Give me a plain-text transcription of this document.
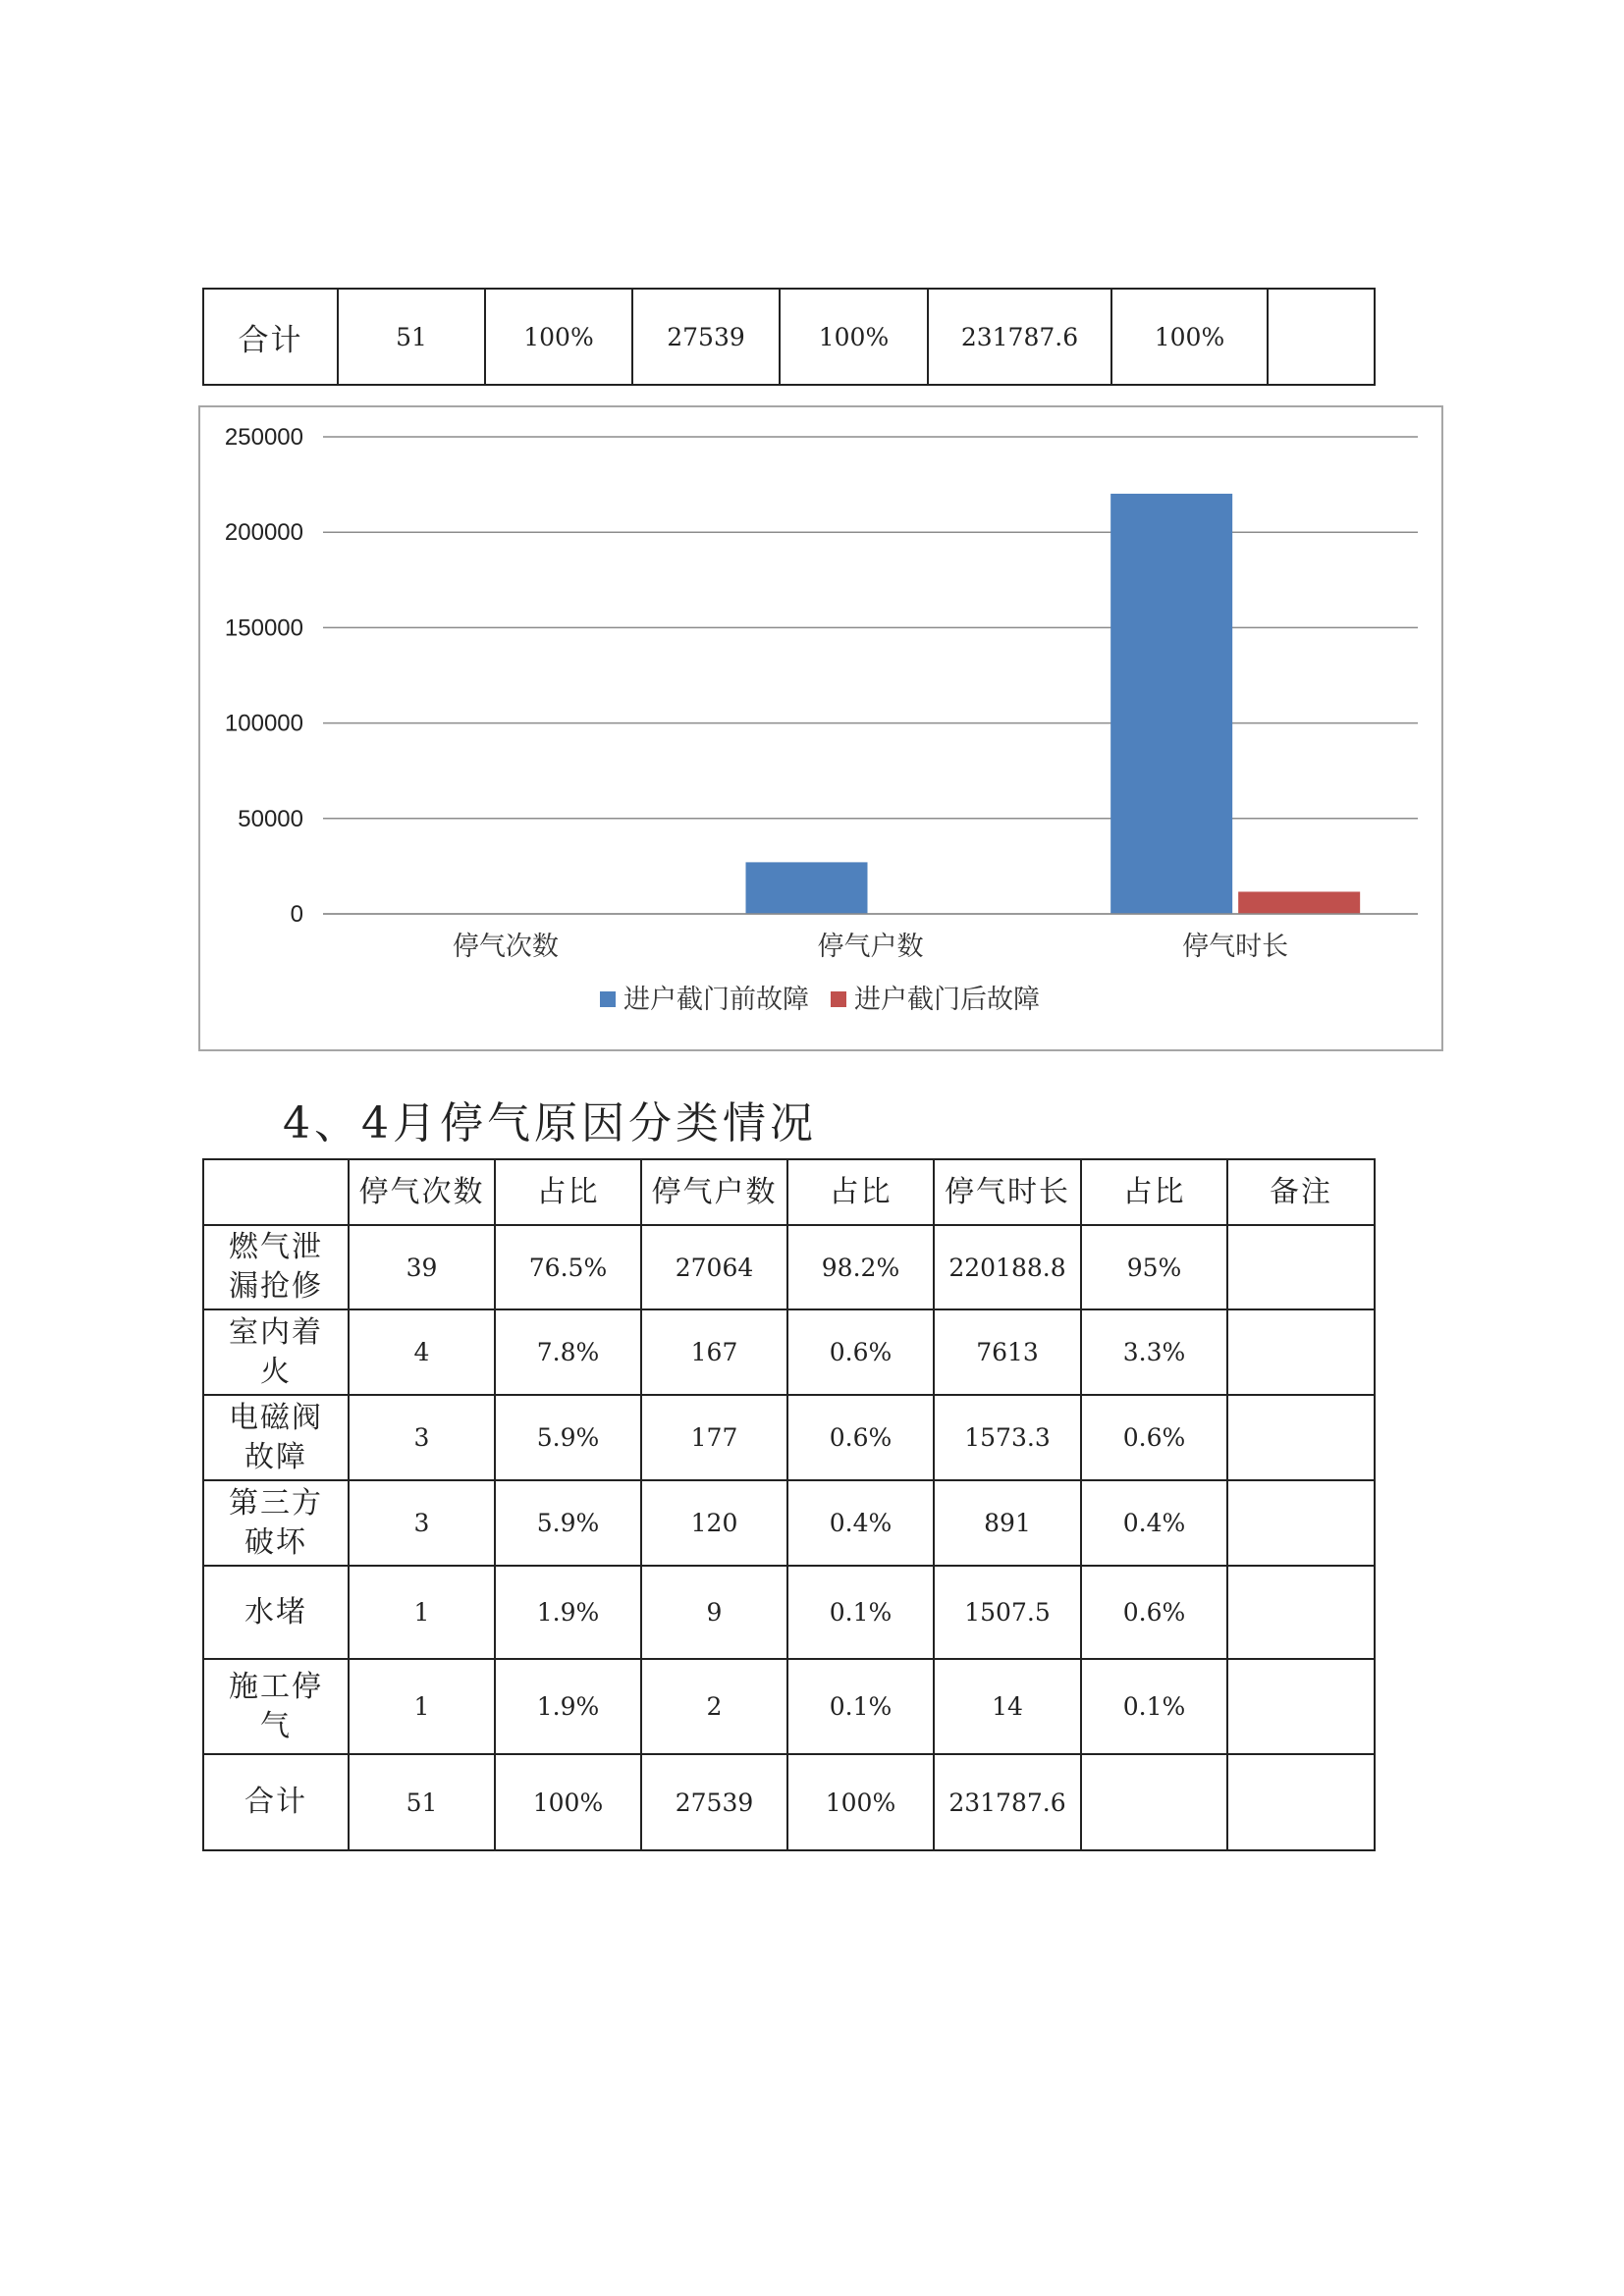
合计	51	100%	27539	100%	231787.6	100%	
0
50000
100000
150000
200000
250000
停气次数	停气户数	停气时长
进户截门前故障 进户截门后故障
4、4月停气原因分类情况
	停气次数	占比	停气户数	占比	停气时长	占比	备注
燃气泄
漏抢修	39	76.5%	27064	98.2%	220188.8	95%	
室内着
火	4	7.8%	167	0.6%	7613	3.3%	
电磁阀
故障	3	5.9%	177	0.6%	1573.3	0.6%	
第三方
破坏	3	5.9%	120	0.4%	891	0.4%	
水堵	1	1.9%	9	0.1%	1507.5	0.6%	
施工停
气	1	1.9%	2	0.1%	14	0.1%	
合计	51	100%	27539	100%	231787.6		
